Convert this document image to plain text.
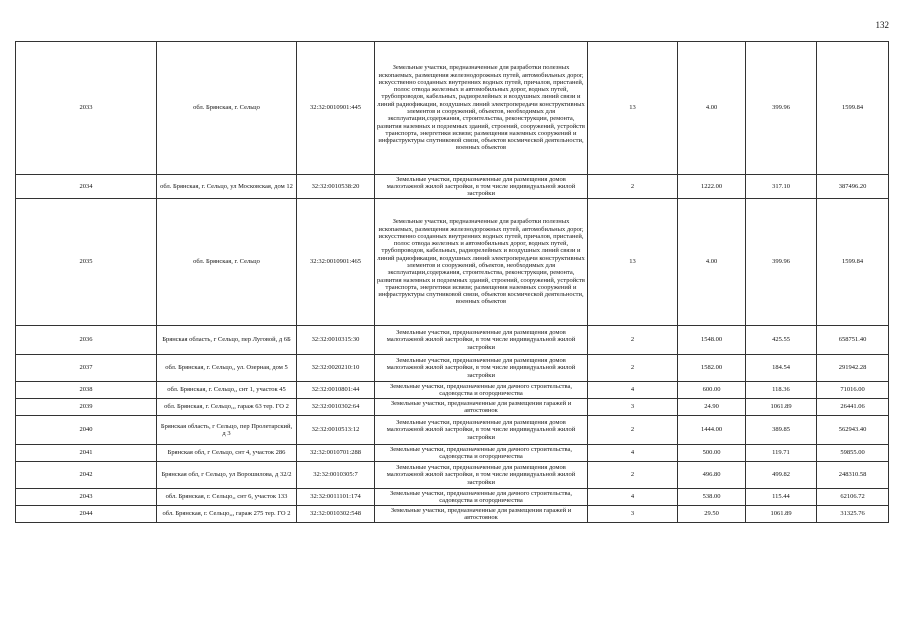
132
2033	обл. Брянская, г. Сельцо	32:32:0010901:445	Земельные участки, предназначенные для разработки полезных ископаемых, размещения железнодорожных путей, автомобильных дорог, искусственно созданных внутренних водных путей, причалов, пристаней, полос отвода железных и автомобильных дорог, водных путей, трубопроводов, кабельных, радиорелейных и воздушных линий связи и линий радиофикации, воздушных линий электропередачи конструктивных элементов и сооружений, объектов, необходимых для эксплуатации,содержания, строительства, реконструкции, ремонта, развития наземных и подземных зданий, строений, сооружений, устройств транспорта, энергетики исвязи; размещения наземных сооружений и инфраструктуры спутниковой связи, объектов космической деятельности, военных объектов	13	4.00	399.96	1599.84
2034	обл. Брянская, г. Сельцо, ул Московская, дом 12	32:32:0010538:20	Земельные участки, предназначенные для размещения домов малоэтажной жилой застройки, в том числе индивидуальной жилой застройки	2	1222.00	317.10	387496.20
2035	обл. Брянская, г. Сельцо	32:32:0010901:465	Земельные участки, предназначенные для разработки полезных ископаемых, размещения железнодорожных путей, автомобильных дорог, искусственно созданных внутренних водных путей, причалов, пристаней, полос отвода железных и автомобильных дорог, водных путей, трубопроводов, кабельных, радиорелейных и воздушных линий связи и линий радиофикации, воздушных линий электропередачи конструктивных элементов и сооружений, объектов, необходимых для эксплуатации,содержания, строительства, реконструкции, ремонта, развития наземных и подземных зданий, строений, сооружений, устройств транспорта, энергетики исвязи; размещения наземных сооружений и инфраструктуры спутниковой связи, объектов космической деятельности, военных объектов	13	4.00	399.96	1599.84
2036	Брянская область, г Сельцо, пер Луговой, д 6Б	32:32:0010315:30	Земельные участки, предназначенные для размещения домов малоэтажной жилой застройки, в том числе индивидуальной жилой застройки	2	1548.00	425.55	658751.40
2037	обл. Брянская, г. Сельцо,, ул. Озерная, дом 5	32:32:0020210:10	Земельные участки, предназначенные для размещения домов малоэтажной жилой застройки, в том числе индивидуальной жилой застройки	2	1582.00	184.54	291942.28
2038	обл. Брянская, г. Сельцо,, снт 1, участок 45	32:32:0010801:44	Земельные участки, предназначенные для дачного строительства, садоводства и огородничества	4	600.00	118.36	71016.00
2039	обл. Брянская, г. Сельцо,,, гараж 63 тер. ГО 2	32:32:0010302:64	Земельные участки, предназначенные для размещения гаражей и автостоянок	3	24.90	1061.89	26441.06
2040	Брянская область, г Сельцо, пер Пролетарский, д 3	32:32:0010513:12	Земельные участки, предназначенные для размещения домов малоэтажной жилой застройки, в том числе индивидуальной жилой застройки	2	1444.00	389.85	562943.40
2041	Брянская обл, г Сельцо, снт 4, участок 286	32:32:0010701:288	Земельные участки, предназначенные для дачного строительства, садоводства и огородничества	4	500.00	119.71	59855.00
2042	Брянская обл, г Сельцо, ул Ворошилова, д 32/2	32:32:0010305:7	Земельные участки, предназначенные для размещения домов малоэтажной жилой застройки, в том числе индивидуальной жилой застройки	2	496.80	499.82	248310.58
2043	обл. Брянская, г. Сельцо,, снт 6, участок 133	32:32:0011101:174	Земельные участки, предназначенные для дачного строительства, садоводства и огородничества	4	538.00	115.44	62106.72
2044	обл. Брянская, г. Сельцо,,, гараж 275 тер. ГО 2	32:32:0010302:548	Земельные участки, предназначенные для размещения гаражей и автостоянок	3	29.50	1061.89	31325.76
